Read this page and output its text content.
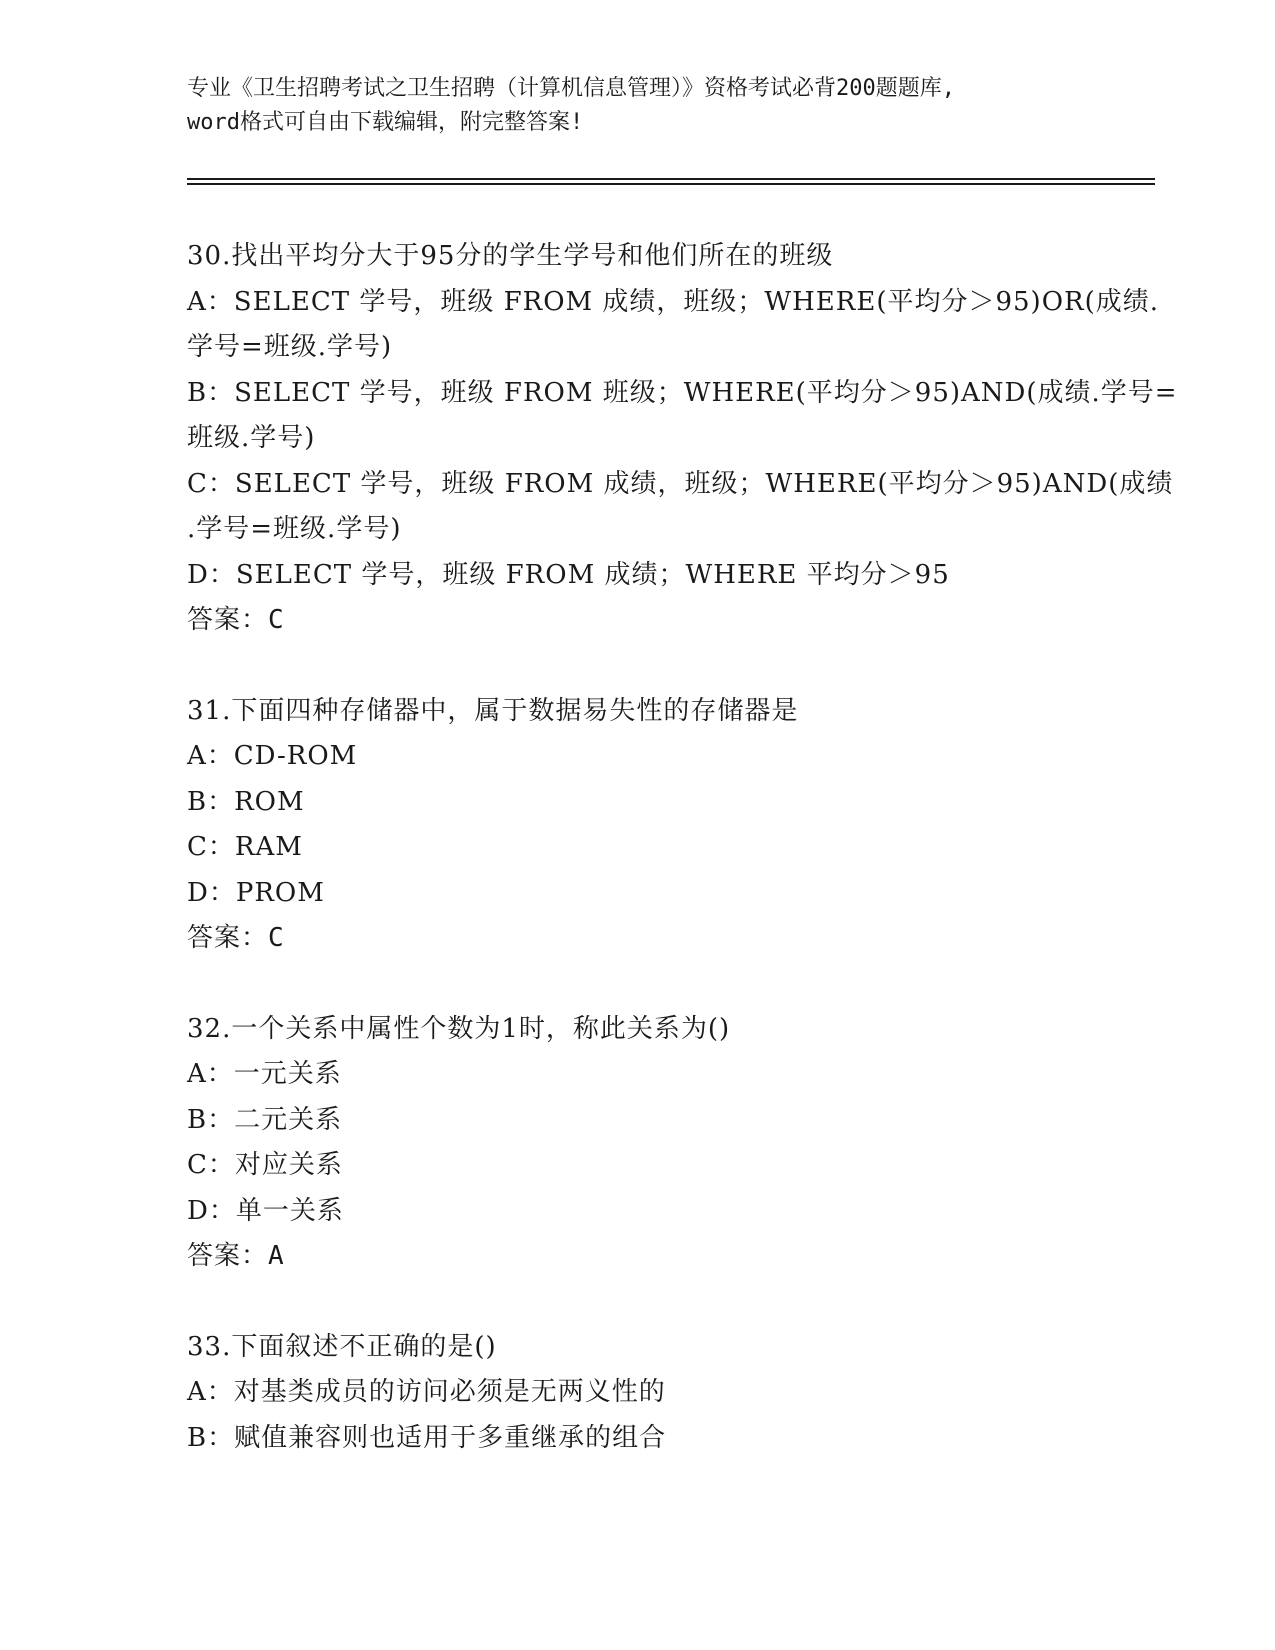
专业《卫生招聘考试之卫生招聘（计算机信息管理）》资格考试必背200题题库,
word格式可自由下载编辑，附完整答案!
30.找出平均分大于95分的学生学号和他们所在的班级
A：SELECT 学号，班级 FROM 成绩，班级；WHERE(平均分＞95)OR(成绩.
学号=班级.学号)
B：SELECT 学号，班级 FROM 班级；WHERE(平均分＞95)AND(成绩.学号=
班级.学号)
C：SELECT 学号，班级 FROM 成绩，班级；WHERE(平均分＞95)AND(成绩
.学号=班级.学号)
D：SELECT 学号，班级 FROM 成绩；WHERE 平均分＞95
答案：C
31.下面四种存储器中，属于数据易失性的存储器是
A：CD-ROM
B：ROM
C：RAM
D：PROM
答案：C
32.一个关系中属性个数为1时，称此关系为()
A：一元关系
B：二元关系
C：对应关系
D：单一关系
答案：A
33.下面叙述不正确的是()
A：对基类成员的访问必须是无两义性的
B：赋值兼容则也适用于多重继承的组合
